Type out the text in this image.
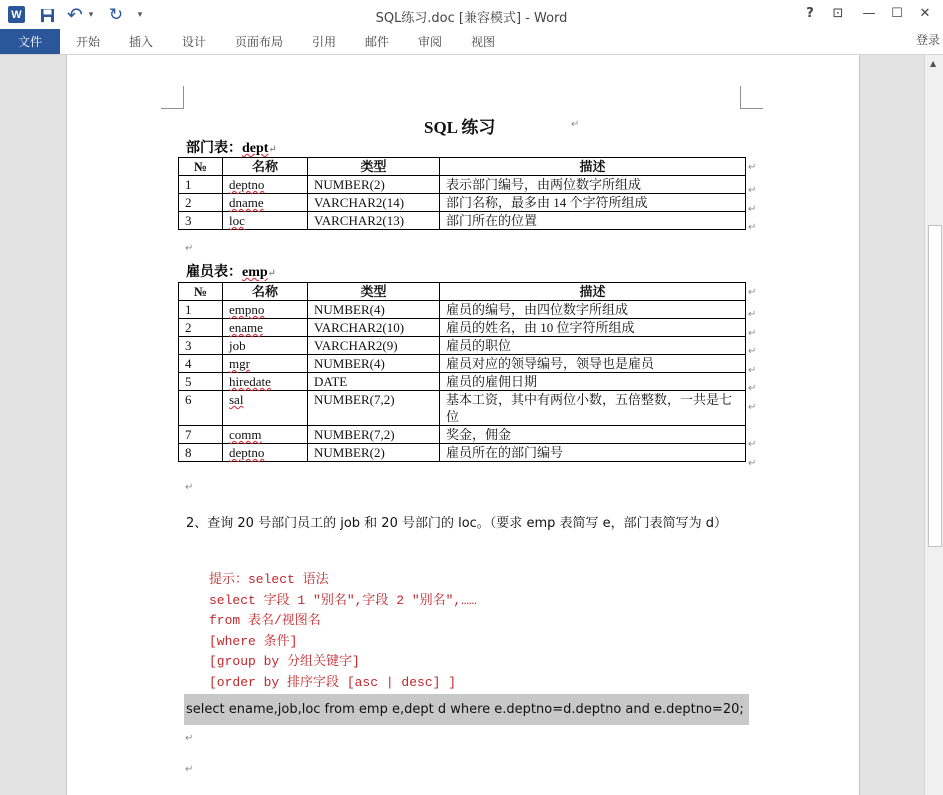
W ↶ ▾ ↻	▾	SQL练习.doc [兼容模式] - Word	?	⊡	—	☐	✕
文件	开始 插入 设计 页面布局 引用 邮件 审阅 视图	登录
▲
SQL 练习	↵
部门表：dept↵
№	名称	类型	描述
1	deptno	NUMBER(2)	表示部门编号，由两位数字所组成
2	dname	VARCHAR2(14)	部门名称，最多由 14 个字符所组成
3	loc	VARCHAR2(13)	部门所在的位置
↵
雇员表：emp↵
№	名称	类型	描述
1	empno	NUMBER(4)	雇员的编号，由四位数字所组成
2	ename	VARCHAR2(10)	雇员的姓名，由 10 位字符所组成
3	job	VARCHAR2(9)	雇员的职位
4	mgr	NUMBER(4)	雇员对应的领导编号，领导也是雇员
5	hiredate	DATE	雇员的雇佣日期
6	sal	NUMBER(7,2)	基本工资，其中有两位小数，五倍整数，一共是七位
7	comm	NUMBER(7,2)	奖金，佣金
8	deptno	NUMBER(2)	雇员所在的部门编号
↵
↵
↵
↵
↵
↵
↵
↵
↵
↵
↵
↵
↵
↵
2、查询 20 号部门员工的 job 和 20 号部门的 loc。（要求 emp 表简写 e，部门表简写为 d）
提示：select 语法
select 字段 1 "别名",字段 2 "别名",……
from 表名/视图名
[where 条件]
[group by 分组关键字]
[order by 排序字段 [asc | desc] ]
select ename,job,loc from emp e,dept d where e.deptno=d.deptno and e.deptno=20;
↵
↵
